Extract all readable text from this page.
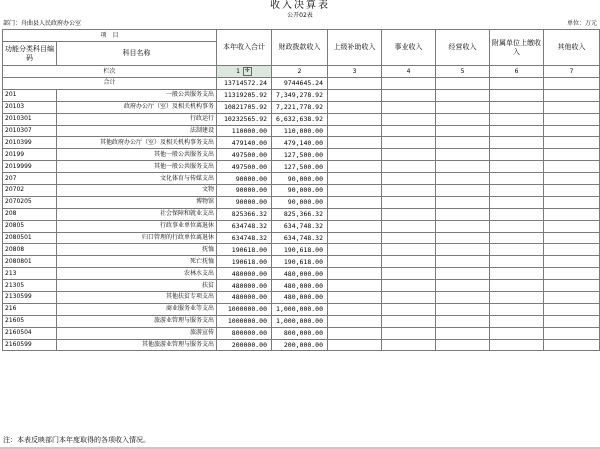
收入决算表
公开02表
部门：舟曲县人民政府办公室	单位：万元
项　目		本年收入合计	财政拨款收入	上级补助收入	事业收入	经营收入	附属单位上缴收入	其他收入
功能分类科目编码	科目名称							
栏次		1 ✛	2	3	4	5	6	7
合计		13714572.24	9744645.24					
201	一般公共服务支出	11319205.92	7,349,278.92					
20103	政府办公厅（室）及相关机构事务	10821705.92	7,221,778.92					
2010301	行政运行	10232565.92	6,632,638.92					
2010307	法制建设	110000.00	110,000.00					
2010399	其他政府办公厅（室）及相关机构事务支出	479140.00	479,140.00					
20199	其他一般公共服务支出	497500.00	127,500.00					
2019999	其他一般公共服务支出	497500.00	127,500.00					
207	文化体育与传媒支出	90000.00	90,000.00					
20702	文物	90000.00	90,000.00					
2070205	博物馆	90000.00	90,000.00					
208	社会保障和就业支出	825366.32	825,366.32					
20805	行政事业单位离退休	634748.32	634,748.32					
2080501	归口管理的行政单位离退休	634748.32	634,748.32					
20808	抚恤	190618.00	190,618.00					
2080801	死亡抚恤	190618.00	190,618.00					
213	农林水支出	480000.00	480,000.00					
21305	扶贫	480000.00	480,000.00					
2130599	其他扶贫专项支出	480000.00	480,000.00					
216	商业服务业等支出	1000000.00	1,000,000.00					
21605	旅游业管理与服务支出	1000000.00	1,000,000.00					
2160504	旅游宣传	800000.00	800,000.00					
2160599	其他旅游业管理与服务支出	200000.00	200,000.00					
注：本表反映部门本年度取得的各项收入情况。
